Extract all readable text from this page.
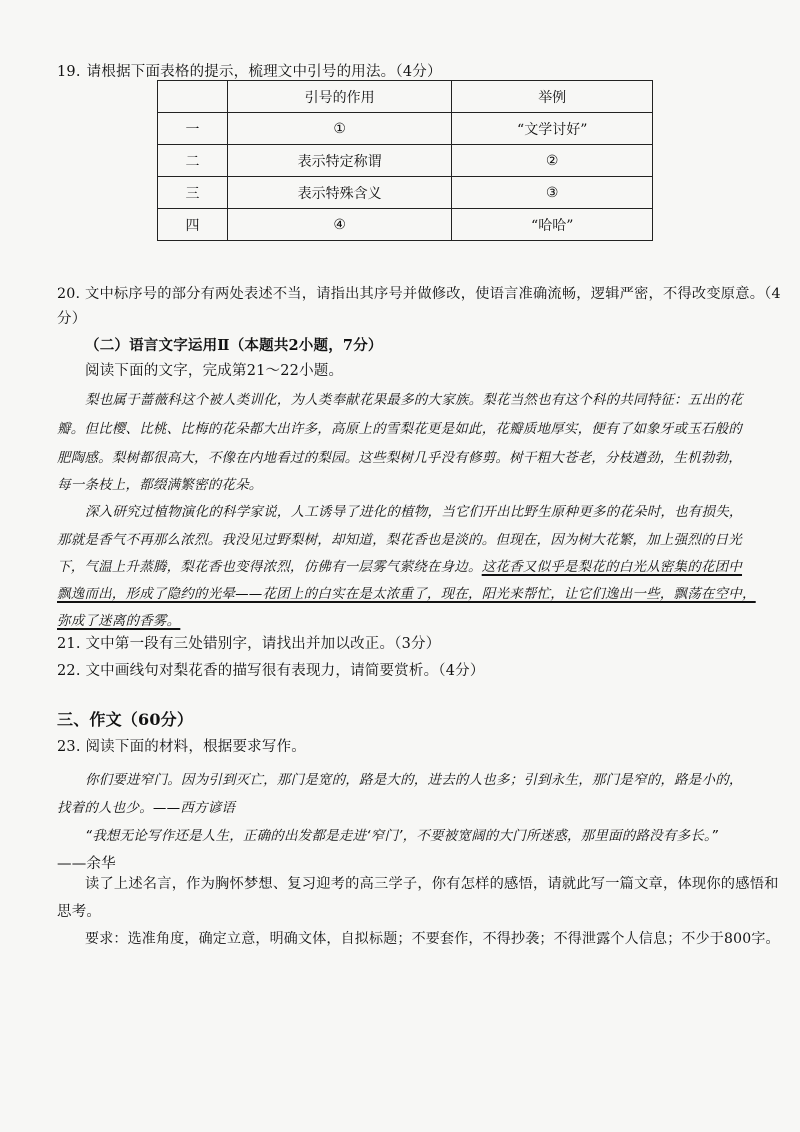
19. 请根据下面表格的提示，梳理文中引号的用法。（4分）
	引号的作用	举例
一	①	“文学讨好”
二	表示特定称谓	②
三	表示特殊含义	③
四	④	“哈哈”
20. 文中标序号的部分有两处表述不当，请指出其序号并做修改，使语言准确流畅，逻辑严密，不得改变原意。（4
分）
（二）语言文字运用Ⅱ（本题共2小题，7分）
阅读下面的文字，完成第21～22小题。
梨也属于蔷薇科这个被人类训化，为人类奉献花果最多的大家族。梨花当然也有这个科的共同特征：五出的花
瓣。但比樱、比桃、比梅的花朵都大出许多，高原上的雪梨花更是如此，花瓣质地厚实，便有了如象牙或玉石般的
肥陶感。梨树都很高大，不像在内地看过的梨园。这些梨树几乎没有修剪。树干粗大苍老，分枝遒劲，生机勃勃，
每一条枝上，都缀满繁密的花朵。
深入研究过植物演化的科学家说，人工诱导了进化的植物，当它们开出比野生原种更多的花朵时，也有损失，
那就是香气不再那么浓烈。我没见过野梨树，却知道，梨花香也是淡的。但现在，因为树大花繁，加上强烈的日光
下，气温上升蒸腾，梨花香也变得浓烈，仿佛有一层雾气萦绕在身边。这花香又似乎是梨花的白光从密集的花团中
飘逸而出，形成了隐约的光晕——花团上的白实在是太浓重了，现在，阳光来帮忙，让它们逸出一些，飘荡在空中，
弥成了迷离的香雾。
21. 文中第一段有三处错别字，请找出并加以改正。（3分）
22. 文中画线句对梨花香的描写很有表现力，请简要赏析。（4分）
三、作文（60分）
23. 阅读下面的材料，根据要求写作。
你们要进窄门。因为引到灭亡，那门是宽的，路是大的，进去的人也多；引到永生，那门是窄的，路是小的，
找着的人也少。——西方谚语
“我想无论写作还是人生，正确的出发都是走进‘窄门’，不要被宽阔的大门所迷惑，那里面的路没有多长。”
——余华
读了上述名言，作为胸怀梦想、复习迎考的高三学子，你有怎样的感悟，请就此写一篇文章，体现你的感悟和
思考。
要求：选准角度，确定立意，明确文体，自拟标题；不要套作，不得抄袭；不得泄露个人信息；不少于800字。
